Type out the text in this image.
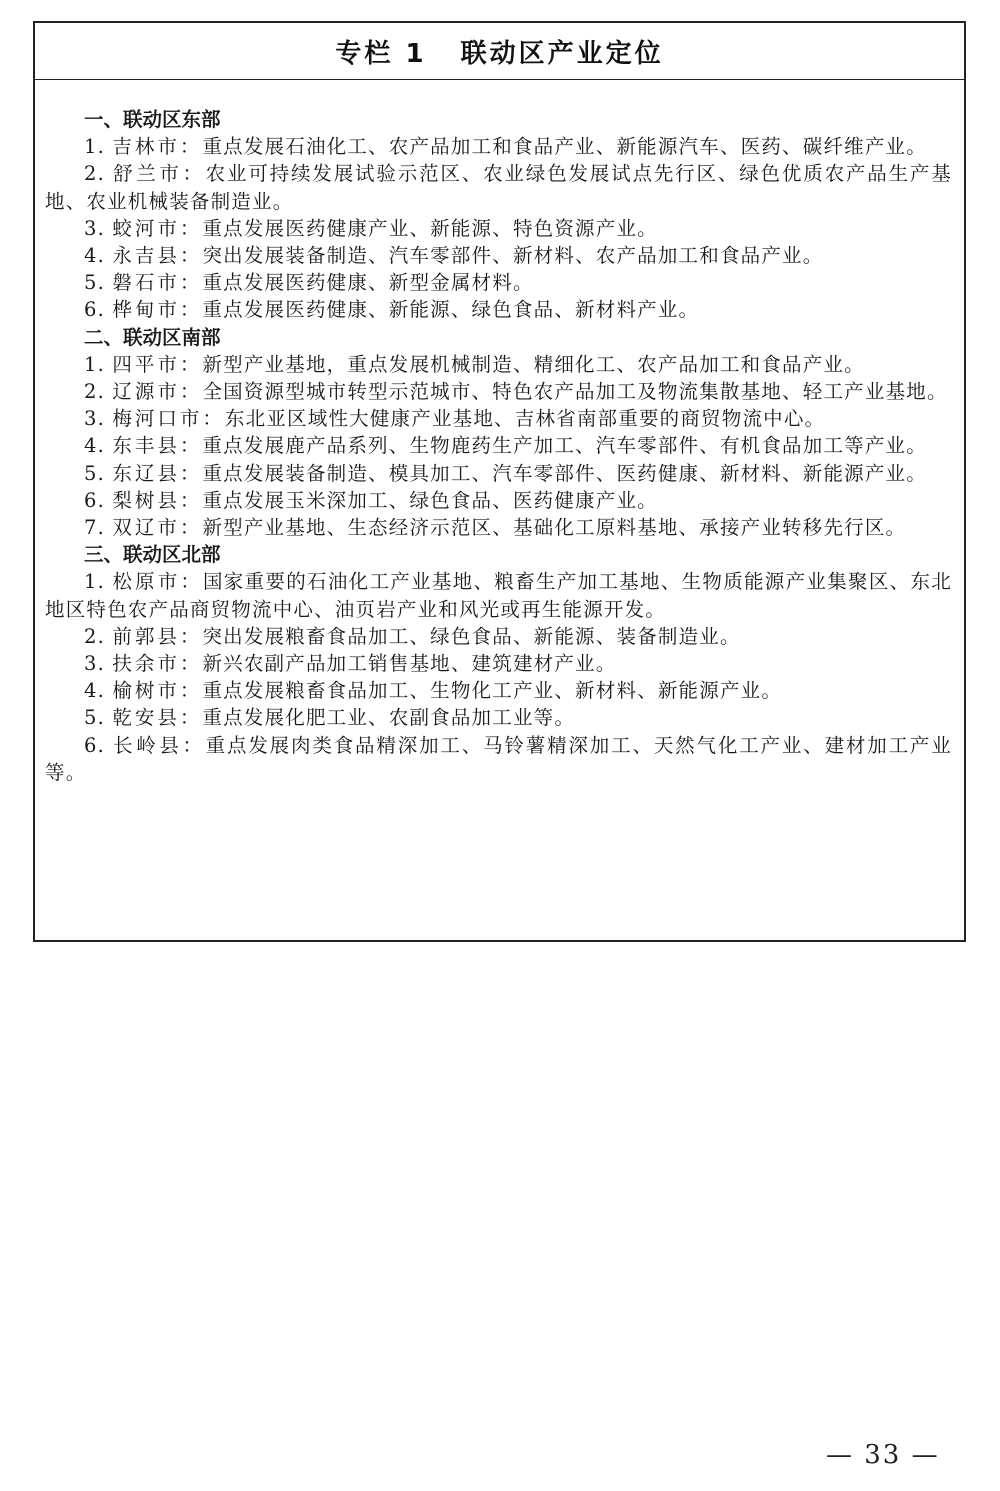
专栏 1 联动区产业定位

一、联动区东部

1. 吉林市：重点发展石油化工、农产品加工和食品产业、新能源汽车、医药、碳纤维产业。

2. 舒兰市：农业可持续发展试验示范区、农业绿色发展试点先行区、绿色优质农产品生产基地、农业机械装备制造业。

3. 蛟河市：重点发展医药健康产业、新能源、特色资源产业。

4. 永吉县：突出发展装备制造、汽车零部件、新材料、农产品加工和食品产业。

5. 磐石市：重点发展医药健康、新型金属材料。

6. 桦甸市：重点发展医药健康、新能源、绿色食品、新材料产业。

二、联动区南部

1. 四平市：新型产业基地，重点发展机械制造、精细化工、农产品加工和食品产业。

2. 辽源市：全国资源型城市转型示范城市、特色农产品加工及物流集散基地、轻工产业基地。

3. 梅河口市：东北亚区域性大健康产业基地、吉林省南部重要的商贸物流中心。

4. 东丰县：重点发展鹿产品系列、生物鹿药生产加工、汽车零部件、有机食品加工等产业。

5. 东辽县：重点发展装备制造、模具加工、汽车零部件、医药健康、新材料、新能源产业。

6. 梨树县：重点发展玉米深加工、绿色食品、医药健康产业。

7. 双辽市：新型产业基地、生态经济示范区、基础化工原料基地、承接产业转移先行区。

三、联动区北部

1. 松原市：国家重要的石油化工产业基地、粮畜生产加工基地、生物质能源产业集聚区、东北地区特色农产品商贸物流中心、油页岩产业和风光或再生能源开发。

2. 前郭县：突出发展粮畜食品加工、绿色食品、新能源、装备制造业。

3. 扶余市：新兴农副产品加工销售基地、建筑建材产业。

4. 榆树市：重点发展粮畜食品加工、生物化工产业、新材料、新能源产业。

5. 乾安县：重点发展化肥工业、农副食品加工业等。

6. 长岭县：重点发展肉类食品精深加工、马铃薯精深加工、天然气化工产业、建材加工产业等。

— 33 —
